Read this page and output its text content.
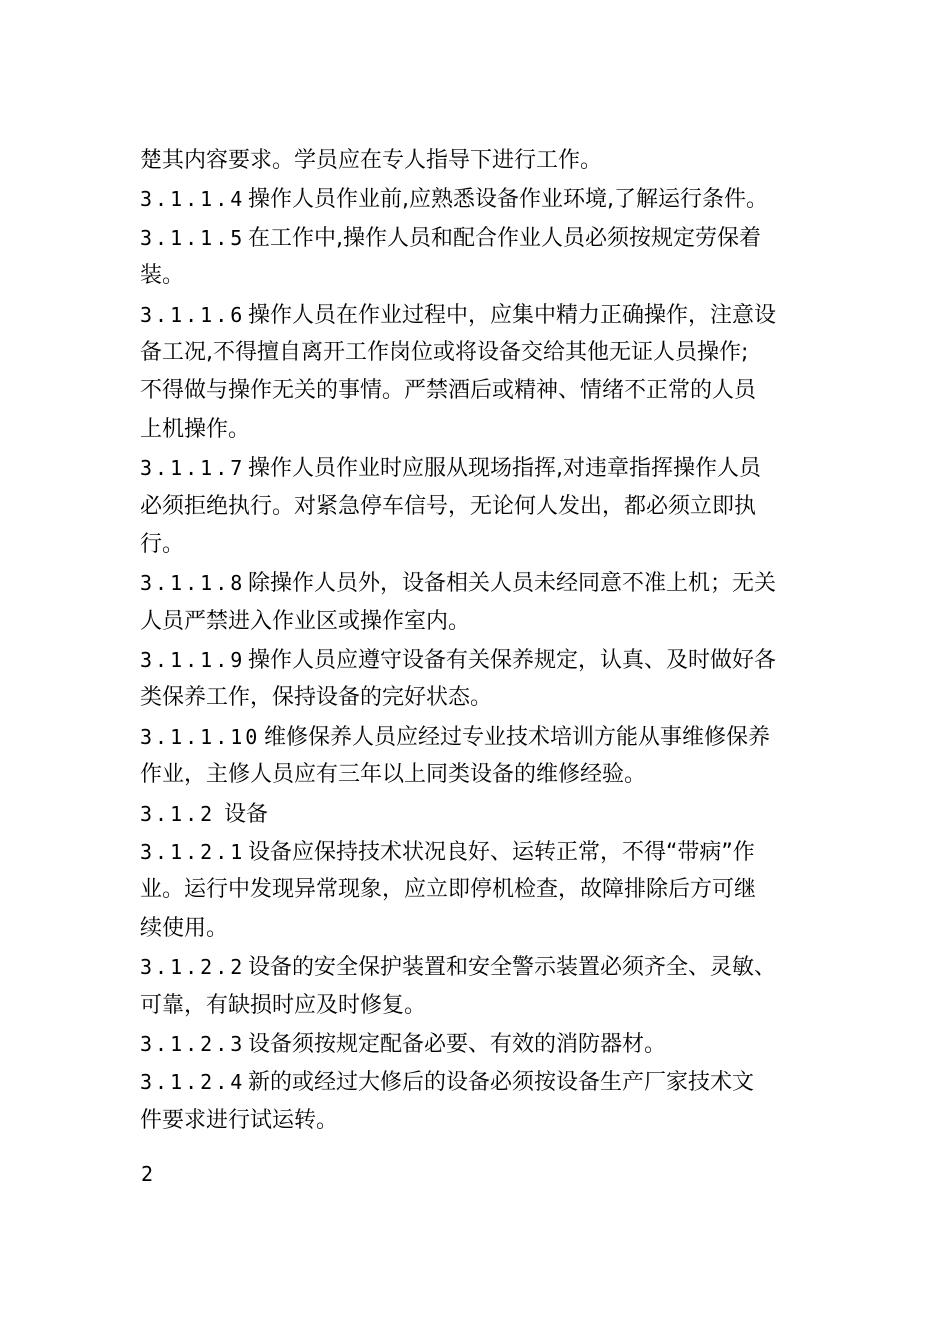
楚其内容要求。学员应在专人指导下进行工作。
3.1.1.4 操作人员作业前,应熟悉设备作业环境,了解运行条件。
3.1.1.5 在工作中,操作人员和配合作业人员必须按规定劳保着
装。
3.1.1.6 操作人员在作业过程中，应集中精力正确操作，注意设
备工况,不得擅自离开工作岗位或将设备交给其他无证人员操作;
不得做与操作无关的事情。严禁酒后或精神、情绪不正常的人员
上机操作。
3.1.1.7 操作人员作业时应服从现场指挥,对违章指挥操作人员
必须拒绝执行。对紧急停车信号，无论何人发出，都必须立即执
行。
3.1.1.8 除操作人员外，设备相关人员未经同意不准上机；无关
人员严禁进入作业区或操作室内。
3.1.1.9 操作人员应遵守设备有关保养规定，认真、及时做好各
类保养工作，保持设备的完好状态。
3.1.1.10 维修保养人员应经过专业技术培训方能从事维修保养
作业，主修人员应有三年以上同类设备的维修经验。
3.1.2 设备
3.1.2.1 设备应保持技术状况良好、运转正常，不得“带病”作
业。运行中发现异常现象，应立即停机检查，故障排除后方可继
续使用。
3.1.2.2 设备的安全保护装置和安全警示装置必须齐全、灵敏、
可靠，有缺损时应及时修复。
3.1.2.3 设备须按规定配备必要、有效的消防器材。
3.1.2.4 新的或经过大修后的设备必须按设备生产厂家技术文
件要求进行试运转。
2
